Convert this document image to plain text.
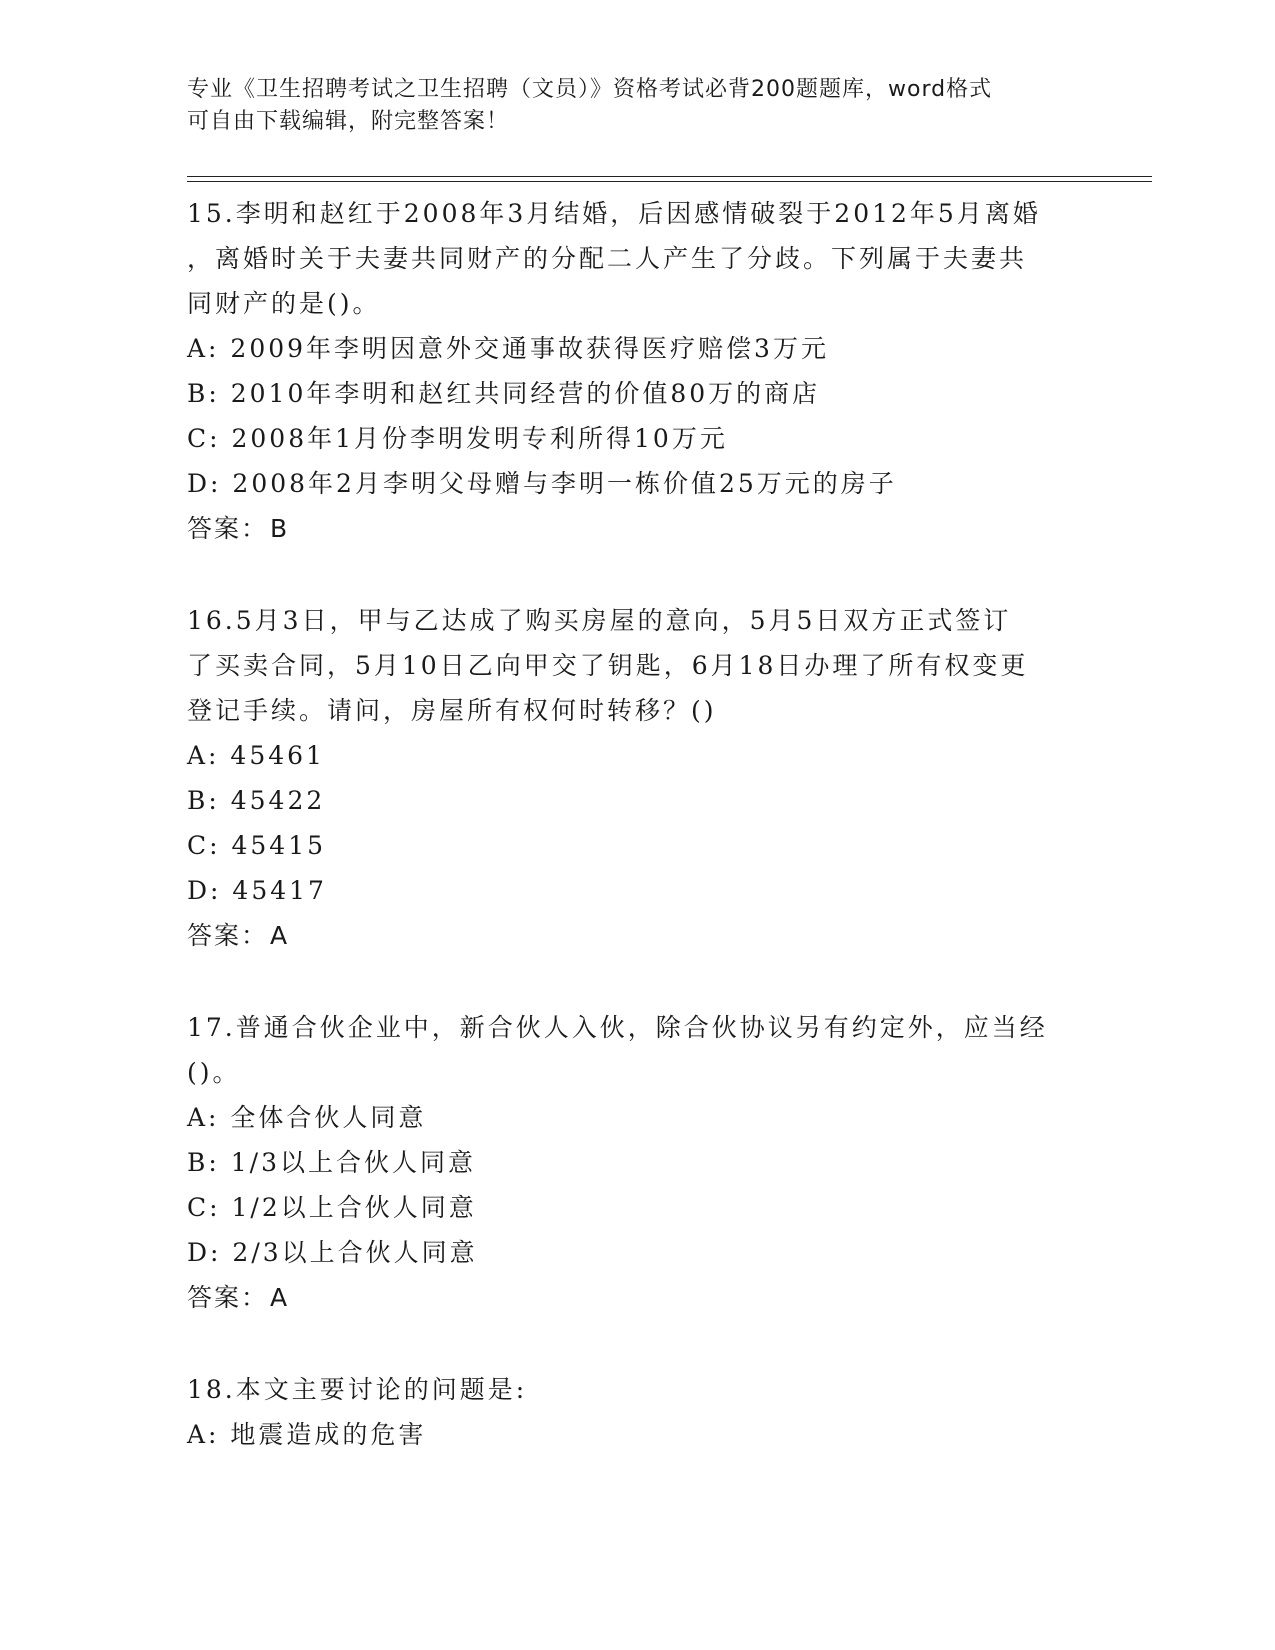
专业《卫生招聘考试之卫生招聘（文员）》资格考试必背200题题库，word格式
可自由下载编辑，附完整答案！

15.李明和赵红于2008年3月结婚，后因感情破裂于2012年5月离婚

，离婚时关于夫妻共同财产的分配二人产生了分歧。下列属于夫妻共

同财产的是()。

A: 2009年李明因意外交通事故获得医疗赔偿3万元

B: 2010年李明和赵红共同经营的价值80万的商店

C: 2008年1月份李明发明专利所得10万元

D: 2008年2月李明父母赠与李明一栋价值25万元的房子

答案：B

16.5月3日，甲与乙达成了购买房屋的意向，5月5日双方正式签订

了买卖合同，5月10日乙向甲交了钥匙，6月18日办理了所有权变更

登记手续。请问，房屋所有权何时转移？()

A: 45461

B: 45422

C: 45415

D: 45417

答案：A

17.普通合伙企业中，新合伙人入伙，除合伙协议另有约定外，应当经

()。

A: 全体合伙人同意

B: 1/3以上合伙人同意

C: 1/2以上合伙人同意

D: 2/3以上合伙人同意

答案：A

18.本文主要讨论的问题是:

A: 地震造成的危害
